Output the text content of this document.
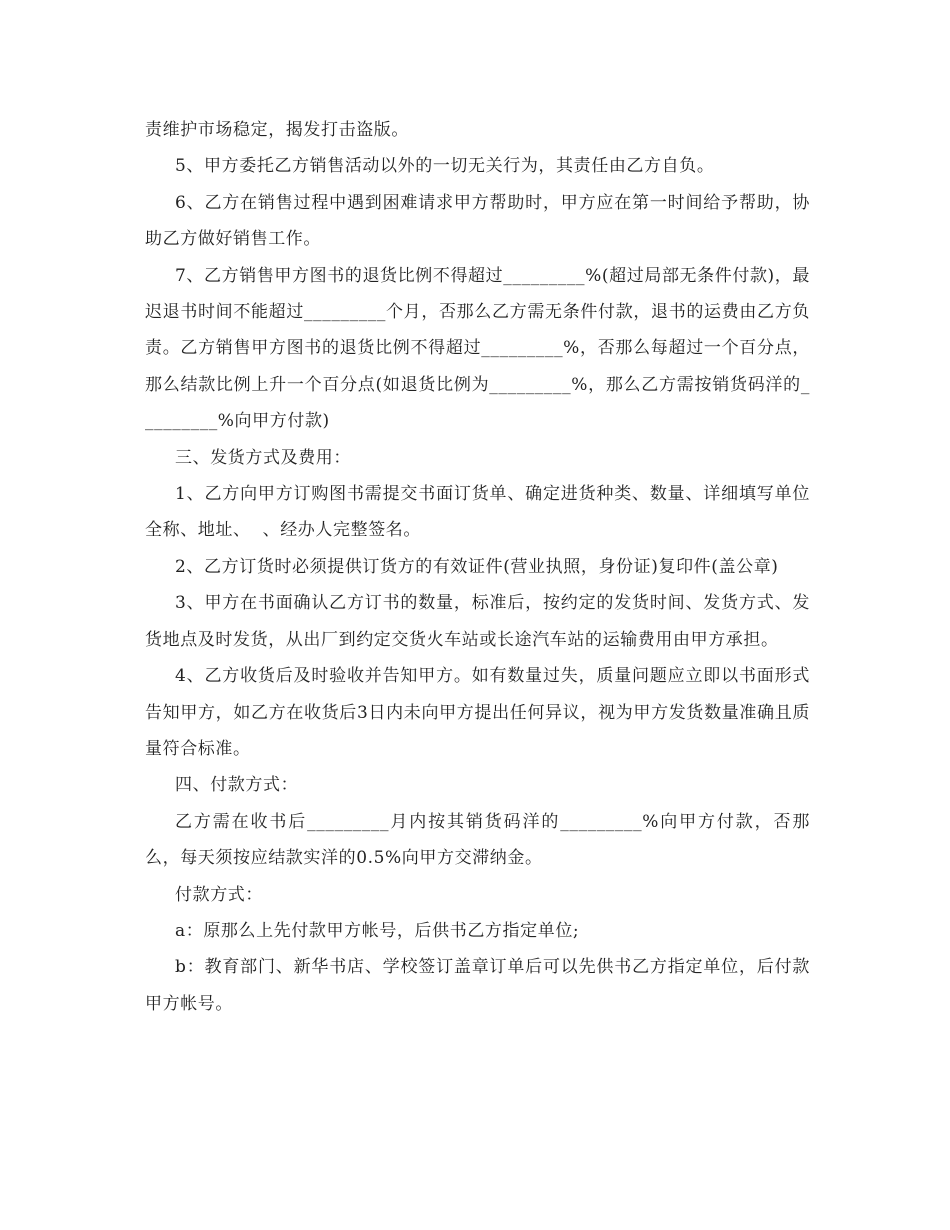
责维护市场稳定，揭发打击盗版。

5、甲方委托乙方销售活动以外的一切无关行为，其责任由乙方自负。

6、乙方在销售过程中遇到困难请求甲方帮助时，甲方应在第一时间给予帮助，协助乙方做好销售工作。

7、乙方销售甲方图书的退货比例不得超过_________%(超过局部无条件付款)，最迟退书时间不能超过_________个月，否那么乙方需无条件付款，退书的运费由乙方负责。乙方销售甲方图书的退货比例不得超过_________%，否那么每超过一个百分点，那么结款比例上升一个百分点(如退货比例为_________%，那么乙方需按销货码洋的_________%向甲方付款)

三、发货方式及费用：

1、乙方向甲方订购图书需提交书面订货单、确定进货种类、数量、详细填写单位全称、地址、  、经办人完整签名。

2、乙方订货时必须提供订货方的有效证件(营业执照，身份证)复印件(盖公章)

3、甲方在书面确认乙方订书的数量，标准后，按约定的发货时间、发货方式、发货地点及时发货，从出厂到约定交货火车站或长途汽车站的运输费用由甲方承担。

4、乙方收货后及时验收并告知甲方。如有数量过失，质量问题应立即以书面形式告知甲方，如乙方在收货后3日内未向甲方提出任何异议，视为甲方发货数量准确且质量符合标准。

四、付款方式：

乙方需在收书后_________月内按其销货码洋的_________%向甲方付款，否那么，每天须按应结款实洋的0.5%向甲方交滞纳金。

付款方式：

a：原那么上先付款甲方帐号，后供书乙方指定单位;

b：教育部门、新华书店、学校签订盖章订单后可以先供书乙方指定单位，后付款甲方帐号。
